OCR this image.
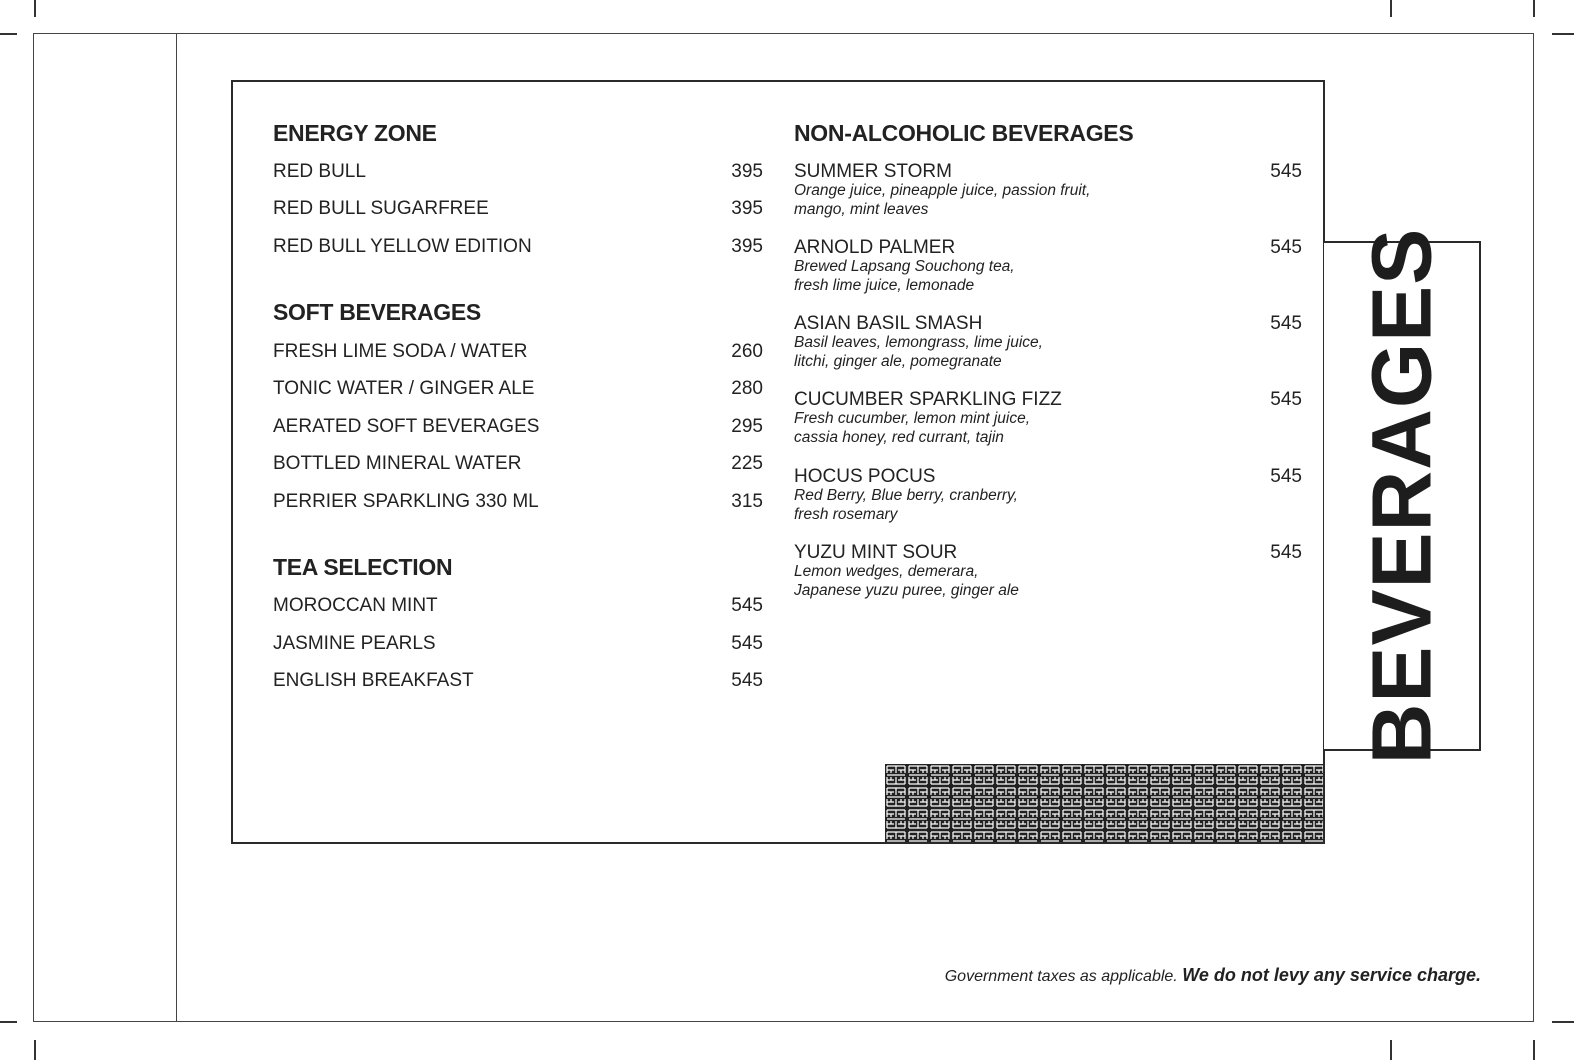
ENERGY ZONE
RED BULL	395
RED BULL SUGARFREE	395
RED BULL YELLOW EDITION	395
SOFT BEVERAGES
FRESH LIME SODA / WATER	260
TONIC WATER / GINGER ALE	280
AERATED SOFT BEVERAGES	295
BOTTLED MINERAL WATER	225
PERRIER SPARKLING 330 ML	315
TEA SELECTION
MOROCCAN MINT	545
JASMINE PEARLS	545
ENGLISH BREAKFAST	545
NON-ALCOHOLIC BEVERAGES
SUMMER STORM	545
Orange juice, pineapple juice, passion fruit,
mango, mint leaves
ARNOLD PALMER	545
Brewed Lapsang Souchong tea,
fresh lime juice, lemonade
ASIAN BASIL SMASH	545
Basil leaves, lemongrass, lime juice,
litchi, ginger ale, pomegranate
CUCUMBER SPARKLING FIZZ	545
Fresh cucumber, lemon mint juice,
cassia honey, red currant, tajin
HOCUS POCUS	545
Red Berry, Blue berry, cranberry,
fresh rosemary
YUZU MINT SOUR	545
Lemon wedges, demerara,
Japanese yuzu puree, ginger ale	BEVERAGES
Government taxes as applicable. We do not levy any service charge.
